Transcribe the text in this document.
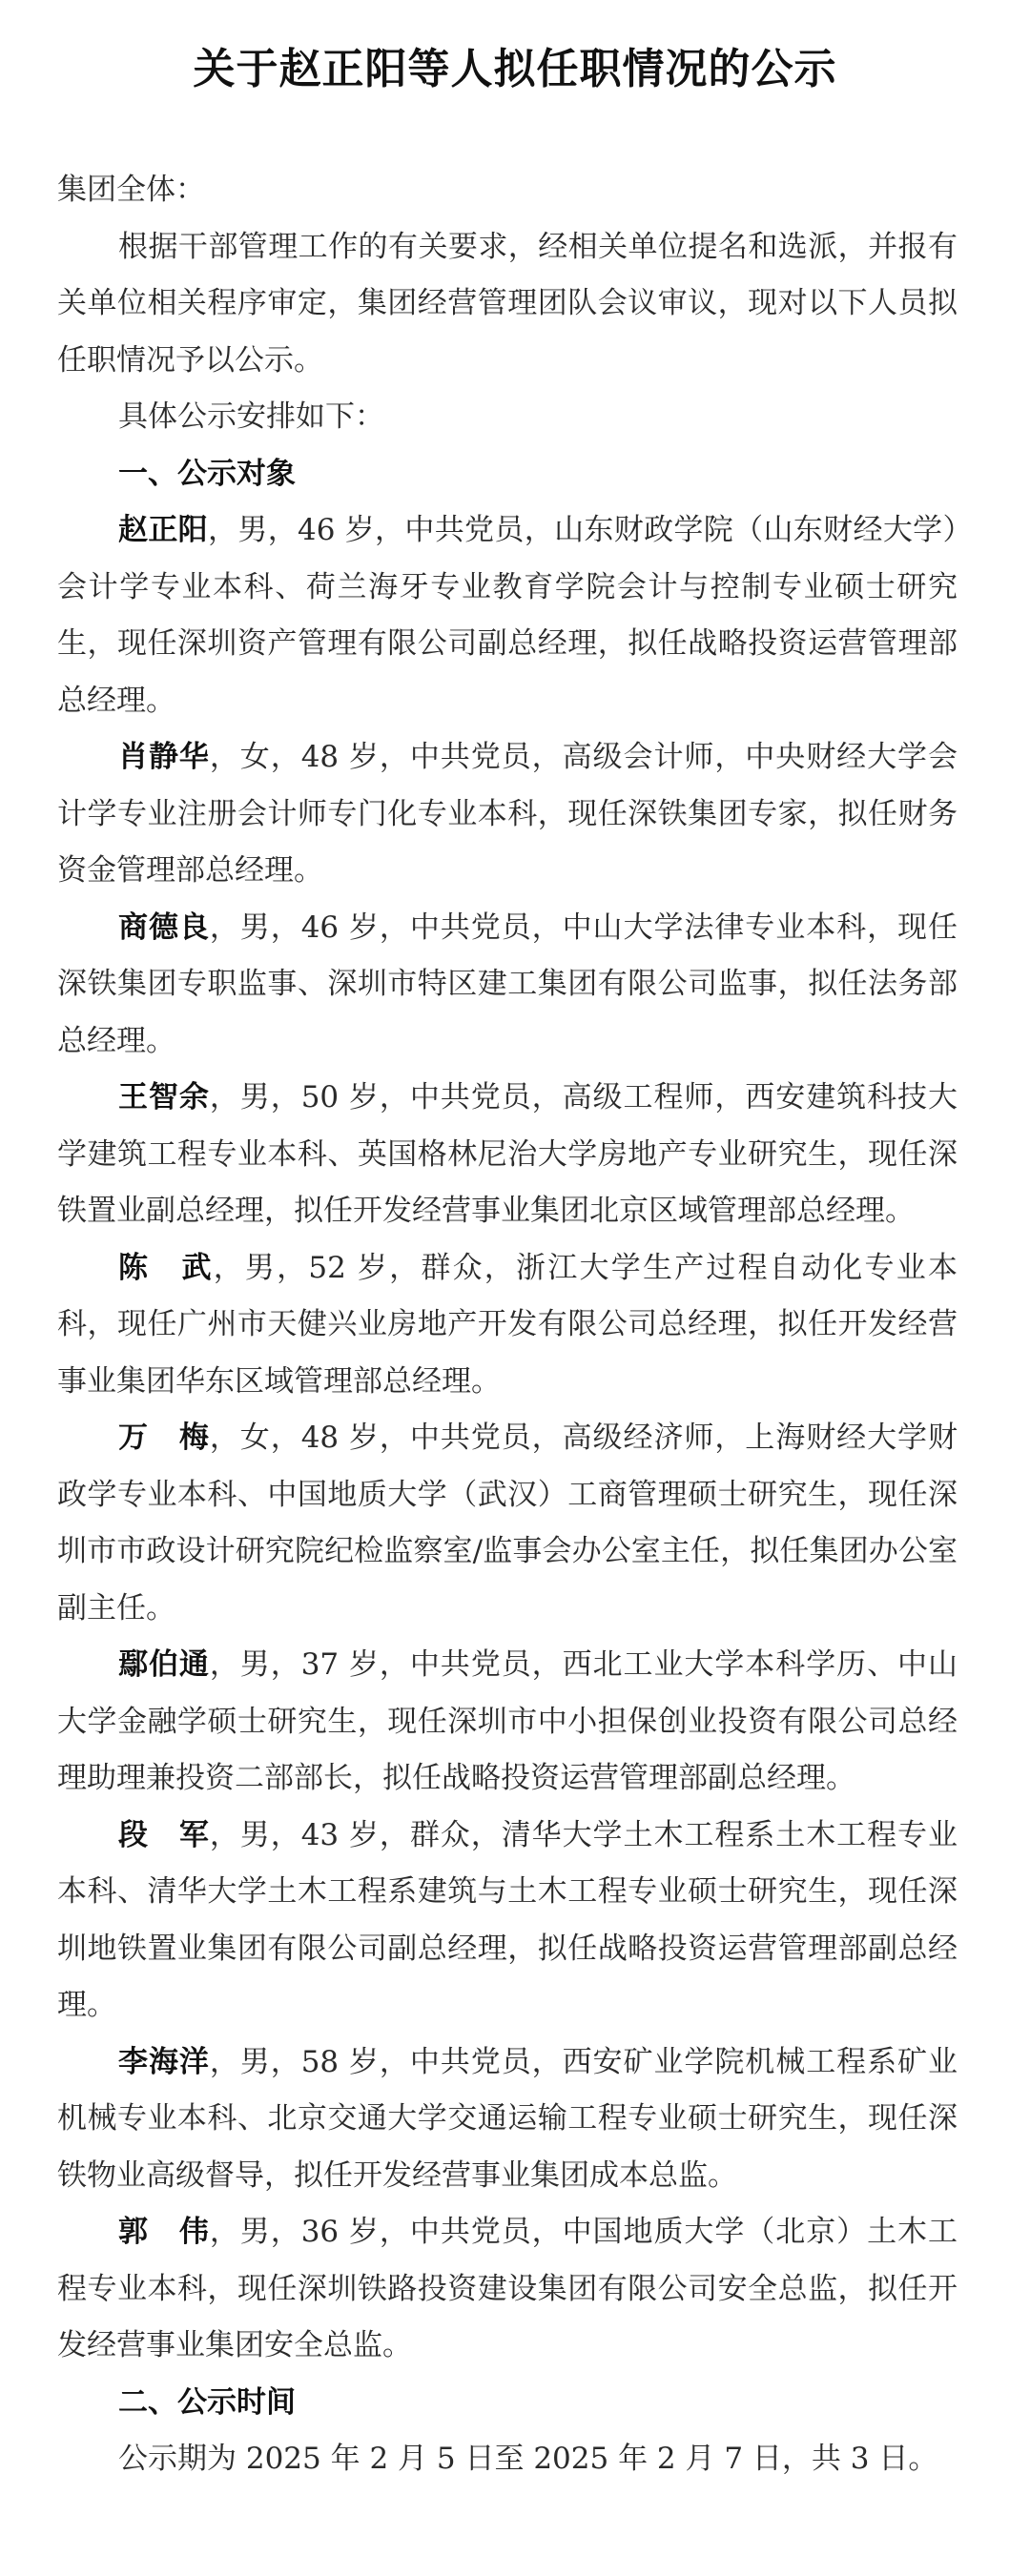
关于赵正阳等人拟任职情况的公示

集团全体：

根据干部管理工作的有关要求，经相关单位提名和选派，并报有关单位相关程序审定，集团经营管理团队会议审议，现对以下人员拟任职情况予以公示。

具体公示安排如下：

一、公示对象

赵正阳，男，46 岁，中共党员，山东财政学院（山东财经大学）会计学专业本科、荷兰海牙专业教育学院会计与控制专业硕士研究生，现任深圳资产管理有限公司副总经理，拟任战略投资运营管理部总经理。

肖静华，女，48 岁，中共党员，高级会计师，中央财经大学会计学专业注册会计师专门化专业本科，现任深铁集团专家，拟任财务资金管理部总经理。

商德良，男，46 岁，中共党员，中山大学法律专业本科，现任深铁集团专职监事、深圳市特区建工集团有限公司监事，拟任法务部总经理。

王智余，男，50 岁，中共党员，高级工程师，西安建筑科技大学建筑工程专业本科、英国格林尼治大学房地产专业研究生，现任深铁置业副总经理，拟任开发经营事业集团北京区域管理部总经理。

陈　武，男，52 岁，群众，浙江大学生产过程自动化专业本科，现任广州市天健兴业房地产开发有限公司总经理，拟任开发经营事业集团华东区域管理部总经理。

万　梅，女，48 岁，中共党员，高级经济师，上海财经大学财政学专业本科、中国地质大学（武汉）工商管理硕士研究生，现任深圳市市政设计研究院纪检监察室/监事会办公室主任，拟任集团办公室副主任。

鄢伯通，男，37 岁，中共党员，西北工业大学本科学历、中山大学金融学硕士研究生，现任深圳市中小担保创业投资有限公司总经理助理兼投资二部部长，拟任战略投资运营管理部副总经理。

段　军，男，43 岁，群众，清华大学土木工程系土木工程专业本科、清华大学土木工程系建筑与土木工程专业硕士研究生，现任深圳地铁置业集团有限公司副总经理，拟任战略投资运营管理部副总经理。

李海洋，男，58 岁，中共党员，西安矿业学院机械工程系矿业机械专业本科、北京交通大学交通运输工程专业硕士研究生，现任深铁物业高级督导，拟任开发经营事业集团成本总监。

郭　伟，男，36 岁，中共党员，中国地质大学（北京）土木工程专业本科，现任深圳铁路投资建设集团有限公司安全总监，拟任开发经营事业集团安全总监。

二、公示时间

公示期为 2025 年 2 月 5 日至 2025 年 2 月 7 日，共 3 日。
